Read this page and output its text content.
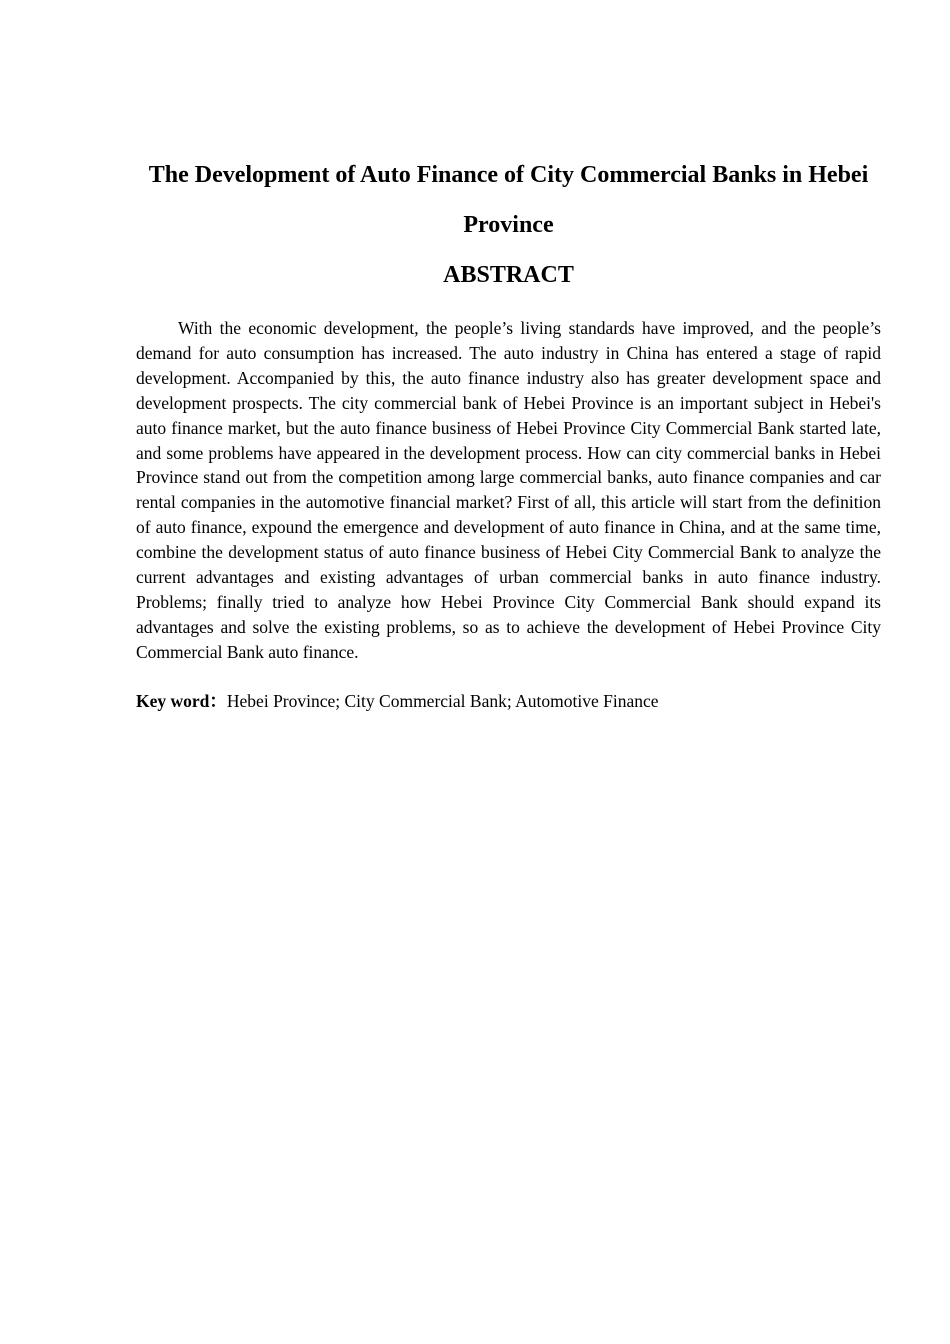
The Development of Auto Finance of City Commercial Banks in Hebei Province
ABSTRACT

With the economic development, the people’s living standards have improved, and the people’s demand for auto consumption has increased. The auto industry in China has entered a stage of rapid development. Accompanied by this, the auto finance industry also has greater development space and development prospects. The city commercial bank of Hebei Province is an important subject in Hebei's auto finance market, but the auto finance business of Hebei Province City Commercial Bank started late, and some problems have appeared in the development process. How can city commercial banks in Hebei Province stand out from the competition among large commercial banks, auto finance companies and car rental companies in the automotive financial market? First of all, this article will start from the definition of auto finance, expound the emergence and development of auto finance in China, and at the same time, combine the development status of auto finance business of Hebei City Commercial Bank to analyze the current advantages and existing advantages of urban commercial banks in auto finance industry. Problems; finally tried to analyze how Hebei Province City Commercial Bank should expand its advantages and solve the existing problems, so as to achieve the development of Hebei Province City Commercial Bank auto finance.

Key word：Hebei Province; City Commercial Bank; Automotive Finance
